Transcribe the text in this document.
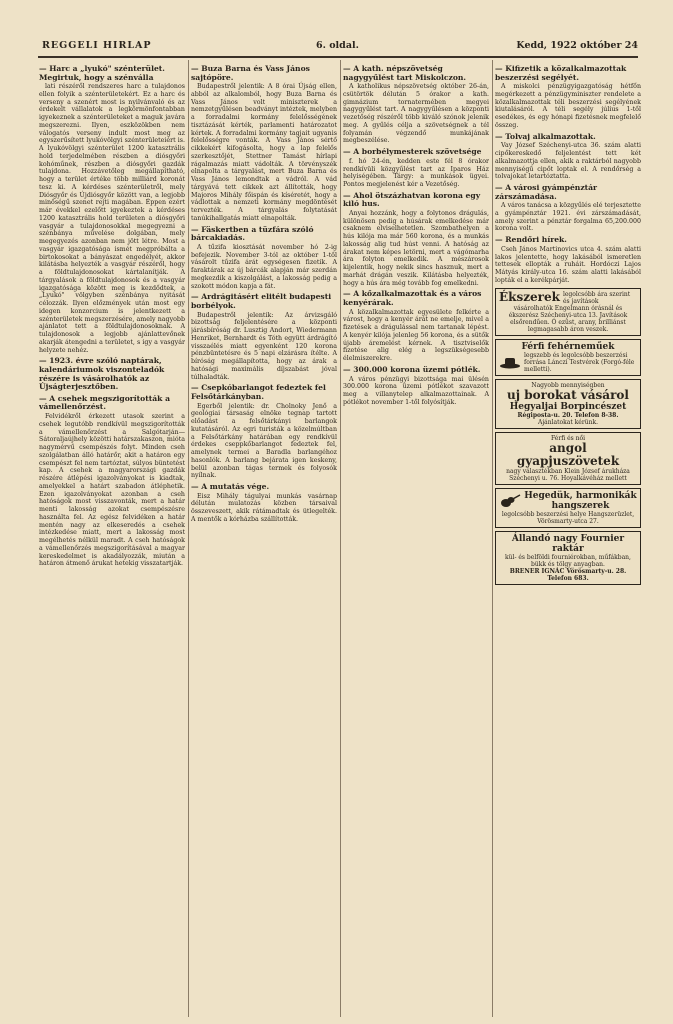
REGGELI HIRLAP	6. oldal.	Kedd, 1922 október 24
— Harc a „lyukó" szénterület. Megirtuk, hogy a szénválla

lati részéről rendszeres harc a tulajdonos ellen folyik a szénterületekért. Ez a harc és verseny a szenért most is nyilvánvaló és az érdekelt vállalatok a legkörmönfontabban igyekeznek a szénterületeket a maguk javára megszerezni. Ilyen, eszközökben nem válogatós verseny indult most meg az egyszerűsített lyukóvölgyi szénterületeiért is. A lyukóvölgyi szénterület 1200 katasztrális hold terjedelmében részben a diósgyőri kohóműnek, részben a diósgyőri gazdák tulajdona. Hozzávetőleg megállapítható, hogy a terület értéke több milliárd koronát tesz ki. A kérdéses szénterületről, mely Diósgyőr és Újdiósgyőr között van, a legjobb minőségű szenet rejti magában. Éppen ezért már évekkel ezelőtt igyekeztek a kérdéses 1200 katasztrális hold területen a diósgyőri vasgyár a tulajdonosokkal megegyezni a szénbánya művelése dolgában, mely megegyezés azonban nem jött létre. Most a vasgyár igazgatósága ismét megpróbálta a birtokosokat a bányászat engedélyét, akkor kilátásba helyezték a vasgyár részéről, hogy a földtulajdonosokat kártalanítják. A tárgyalások a földtulajdonosok és a vasgyár igazgatósága között meg is kezdődtek, a „Lyukó" völgyben szénbánya nyitását célozzák. Ilyen előzmények után most egy idegen konzorcium is jelentkezett a szénterületek megszerzésére, amely nagyobb ajánlatot tett a földtulajdonosoknak. A tulajdonosok a legjobb ajánlattevőnek akarják átengedni a területet, s igy a vasgyár helyzete nehéz.

— 1923. évre szóló naptárak, kalendáriumok viszonteladók részére is vásárolhatók az Újságterjesztőben.
— A csehek megszigorították a vámellenőrzést.

Felvidékről érkezett utasok szerint a csehek legutóbb rendkívül megszigorították a vámellenőrzést a Salgótarján—Sátoraljaújhely közötti határszakaszon, mióta nagymérvű csempészés folyt. Minden cseh szolgálatban álló határőr, akit a határon egy csempészt fel nem tartóztat, súlyos büntetést kap. A csehek a magyarországi gazdák részére átlépési igazolványokat is kiadtak, amelyekkel a határt szabadon átléphetik. Ezen igazolványokat azonban a cseh hatóságok most visszavonták, mert a határ menti lakosság azokat csempészésre használta fel. Az egész felvidéken a határ mentén nagy az elkeseredés a csehek intézkedése miatt, mert a lakosság most megélhetés nélkül maradt. A cseh hatóságok a vámellenőrzés megszigorításával a magyar kereskedelmet is akadályozzák, miután a határon átmenő árukat hetekig visszatartják.

— Buza Barna és Vass János sajtópöre.

Budapestről jelentik: A 8 órai Újság ellen, abból az alkalomból, hogy Buza Barna és Vass János volt miniszterek a nemzetgyűlésen beadványt intéztek, melyben a forradalmi kormány felelősségének tisztázását kérték, parlamenti határozatot kértek. A forradalmi kormány tagjait ugyanis felelősségre vonták. A Vass János sértő cikkekért kifogásolta, hogy a lap felelős szerkesztőjét, Stettner Tamást hírlapi rágalmazás miatt vádolták. A törvényszék elnapolta a tárgyalást, mert Buza Barna és Vass János lemondtak a vádról. A vád tárgyává tett cikkek azt állították, hogy Majoros Mihály főispán és kíséretét, hogy a vádlottak a nemzeti kormány megdöntését tervezték. A tárgyalás folytatását tanúkihallgatás miatt elnapolták.

— Fäskertben a tüzfára szóló bárcakiadás.

A tűzifa kiosztását november hó 2-ig befejezik. November 3-tól az október 1-től vásárolt tűzifa árát egységesen fizetik. A faraktárak az új bárcák alapján már szerdán megkezdik a kiszolgálást, a lakosság pedig a szokott módon kapja a fát.

— Ardrágitásért elitélt budapesti borbélyok.

Budapestről jelentik: Az árvizsgáló bizottság feljelentésére a központi járásbíróság dr. Lusztig Andort, Wiedermann Henriket, Bernhardt és Tóth együtt árdrágító visszaélés miatt egyenként 120 korona pénzbüntetésre és 5 napi elzárásra ítélte. A bíróság megállapította, hogy az árak a hatósági maximális díjszabást jóval túlhaladták.

— Csepkóbarlangot fedeztek fel Felsőtárkányban.

Egerből jelentik: dr. Cholnoky Jenő a geológiai társaság elnöke tegnap tartott előadást a felsőtárkányi barlangok kutatásáról. Az egri turisták a közelmúltban a Felsőtárkány határában egy rendkívül érdekes cseppkőbarlangot fedeztek fel, amelynek termei a Baradla barlangéhoz hasonlók. A barlang bejárata igen keskeny, belül azonban tágas termek és folyosók nyílnak.

— A mutatás vége.

Eisz Mihály tágulyai munkás vasárnap délután mulatozás közben társaival összeveszett, akik rátámadtak és ütlegelték. A mentők a kórházba szállították.

— A kath. népszövetség nagygyűlést tart Miskolczon.

A katholikus népszövetség október 26-án, csütörtök délután 5 órakor a kath. gimnázium tornatermében megyei nagygyűlést tart. A nagygyűlésen a központi vezetőség részéről több kiváló szónok jelenik meg. A gyűlés célja a szövetségnek a tél folyamán végzendő munkájának megbeszélése.

— A borbélymesterek szövetsége

f. hó 24-én, kedden este fél 8 órakor rendkívüli közgyűlést tart az Iparos Ház helyiségében. Tárgy: a munkások ügyei. Pontos megjelenést kér a Vezetőség.

— Ahol ötszázhatvan korona egy kiló hus.

Anyai hozzánk, hogy a folytonos drágulás, különösen pedig a húsárak emelkedése már csaknem elviselhetetlen. Szombathelyen a hús kilója ma már 560 korona, és a munkás lakosság alig tud húst venni. A hatóság az árakat nem képes letörni, mert a vágómarha ára folyton emelkedik. A mészárosok kijelentik, hogy nekik sincs hasznuk, mert a marhát drágán veszik. Kilátásba helyezték, hogy a hús ára még tovább fog emelkedni.

— A kőzalkalmazottak és a város kenyérárak.

A közalkalmazottak egyesülete felkérte a várost, hogy a kenyér árát ne emelje, mivel a fizetések a drágulással nem tartanak lépést. A kenyér kilója jelenleg 56 korona, és a sütők újabb áremelést kérnek. A tisztviselők fizetése alig elég a legszükségesebb élelmiszerekre.

— 300.000 korona üzemi pótlék.

A város pénzügyi bizottsága mai ülésén 300.000 korona üzemi pótlékot szavazott meg a villanytelep alkalmazottainak. A pótlékot november 1-től folyósítják.

— Kifizetik a közalkalmazottak beszerzési segélyét.

A miskolci pénzügyigazgatóság hétfőn megérkezett a pénzügyminiszter rendelete a közalkalmazottak téli beszerzési segélyének kiutalásáról. A téli segély július 1-től esedékes, és egy hónapi fizetésnek megfelelő összeg.

— Tolvaj alkalmazottak.

Vay József Széchenyi-utca 36. szám alatti cipőkereskedő feljelentést tett két alkalmazottja ellen, akik a raktárból nagyobb mennyiségű cipőt loptak el. A rendőrség a tolvajokat letartóztatta.

— A városi gyámpénztár zárszámadása.

A város tanácsa a közgyűlés elé terjesztette a gyámpénztár 1921. évi zárszámadását, amely szerint a pénztár forgalma 65,200.000 korona volt.

— Rendőri hírek.

Cseh János Martinovics utca 4. szám alatti lakos jelentette, hogy lakásából ismeretlen tettesek ellopták a ruháit. Hordóczi Lajos Mátyás király-utca 16. szám alatti lakásából lopták el a kerékpárját.

Ékszerek legolcsóbb ára szerint és javítások
vásárolhatók Engelmann órásnál és ékszerész Széchenyi-utca 13. Javítások elsőrendűen. Ó ezüst, arany, brilliánst legmagasabb áron veszek.
Férfi fehérneműek
legszebb és legolcsóbb beszerzési forrása Lánczi Testvérek (Forgó-féle melletti).
Nagyobb mennyiségben
uj borokat vásárol
Hegyaljai Borpincészet
Régiposta-u. 20. Telefon 8-38.
Ajánlatokat kérünk.
Férfi és női
angol gyapjuszövetek
nagy választékban Klein József árukháza Széchenyi u. 76. Hoyalkávéház mellett
Hegedük, harmonikák hangszerek
legolcsóbb beszerzési helye Hangszerüzlet, Vörösmarty-utca 27.
Állandó nagy Fournier raktár
kül- és belföldi fourniérokban, műfákban, bükk és tölgy anyagban.
BRENER IGNÁC Vörösmarty-u. 28. Telefon 683.
